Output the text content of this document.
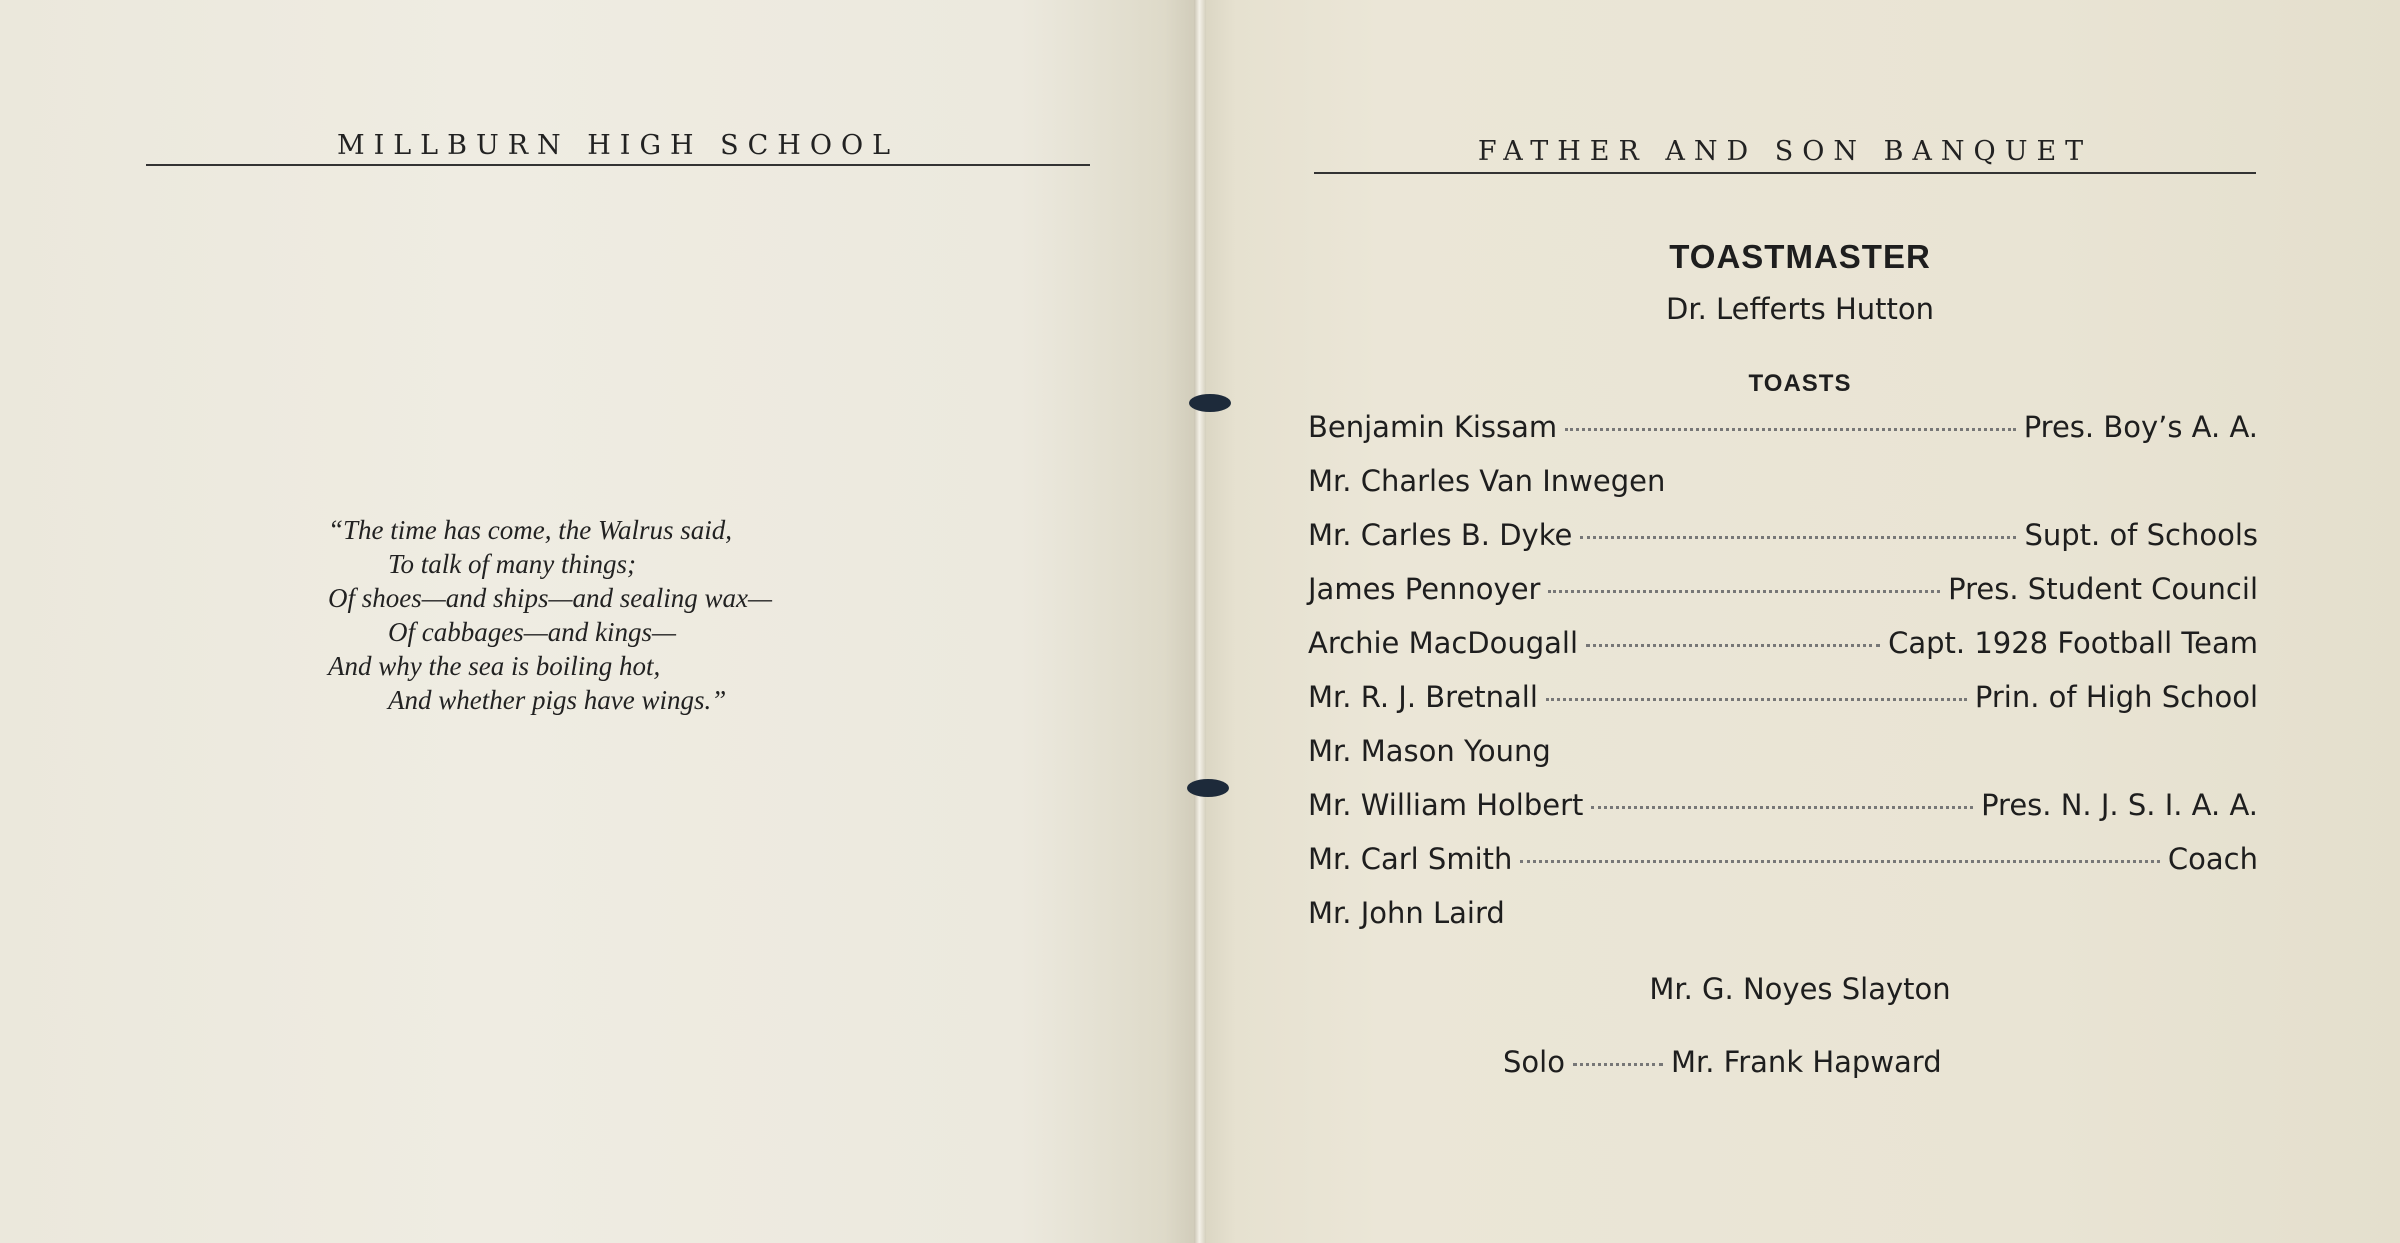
MILLBURN HIGH SCHOOL
“The time has come, the Walrus said,
To talk of many things;
Of shoes—and ships—and sealing wax—
Of cabbages—and kings—
And why the sea is boiling hot,
And whether pigs have wings.”
FATHER AND SON BANQUET
TOASTMASTER
Dr. Lefferts Hutton
TOASTS
Benjamin Kissam	Pres. Boy’s A. A.
Mr. Charles Van Inwegen
Mr. Carles B. Dyke	Supt. of Schools
James Pennoyer	Pres. Student Council
Archie MacDougall	Capt. 1928 Football Team
Mr. R. J. Bretnall	Prin. of High School
Mr. Mason Young
Mr. William Holbert	Pres. N. J. S. I. A. A.
Mr. Carl Smith	Coach
Mr. John Laird
Mr. G. Noyes Slayton
Solo	Mr. Frank Hapward
